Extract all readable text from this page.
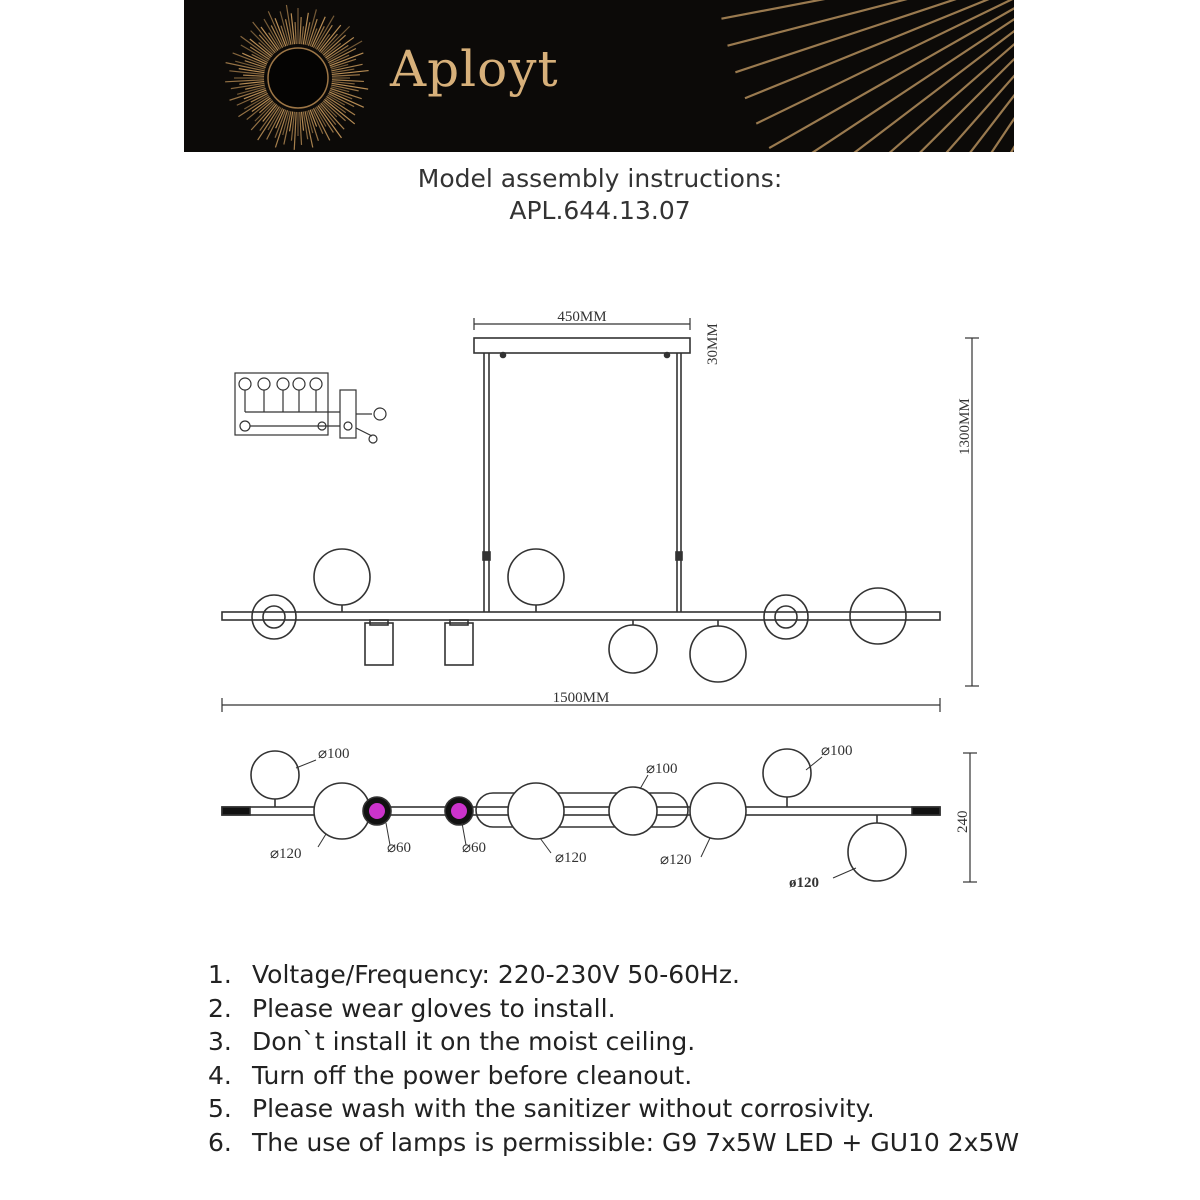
Aployt
Model assembly instructions:
APL.644.13.07
450MM
30MM
1300MM
1500MM
⌀100
⌀120	⌀60	⌀60
⌀120
⌀100
⌀120
⌀100
ø120
240
1. Voltage/Frequency: 220-230V 50-60Hz.
2. Please wear gloves to install.
3. Don`t install it on the moist ceiling.
4. Turn off the power before cleanout.
5. Please wash with the sanitizer without corrosivity.
6. The use of lamps is permissible: G9 7x5W LED + GU10 2x5W
